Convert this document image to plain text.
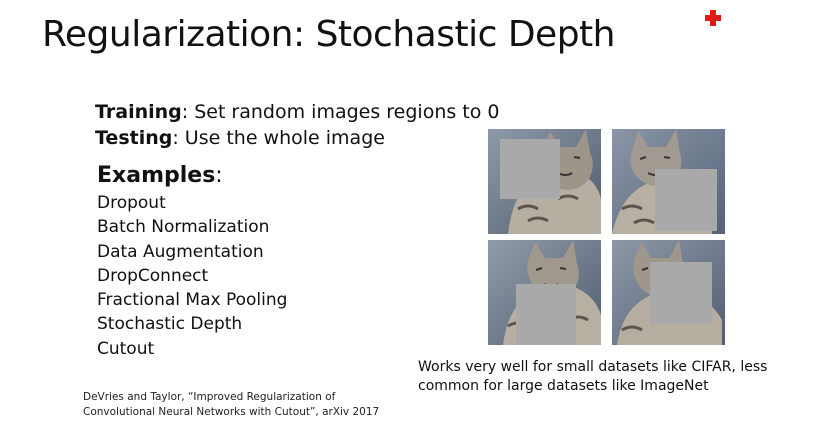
Regularization: Stochastic Depth
Training: Set random images regions to 0
Testing: Use the whole image
Examples:
Dropout
Batch Normalization
Data Augmentation
DropConnect
Fractional Max Pooling
Stochastic Depth
Cutout
Works very well for small datasets like CIFAR, less
common for large datasets like ImageNet
DeVries and Taylor, “Improved Regularization of
Convolutional Neural Networks with Cutout”, arXiv 2017
